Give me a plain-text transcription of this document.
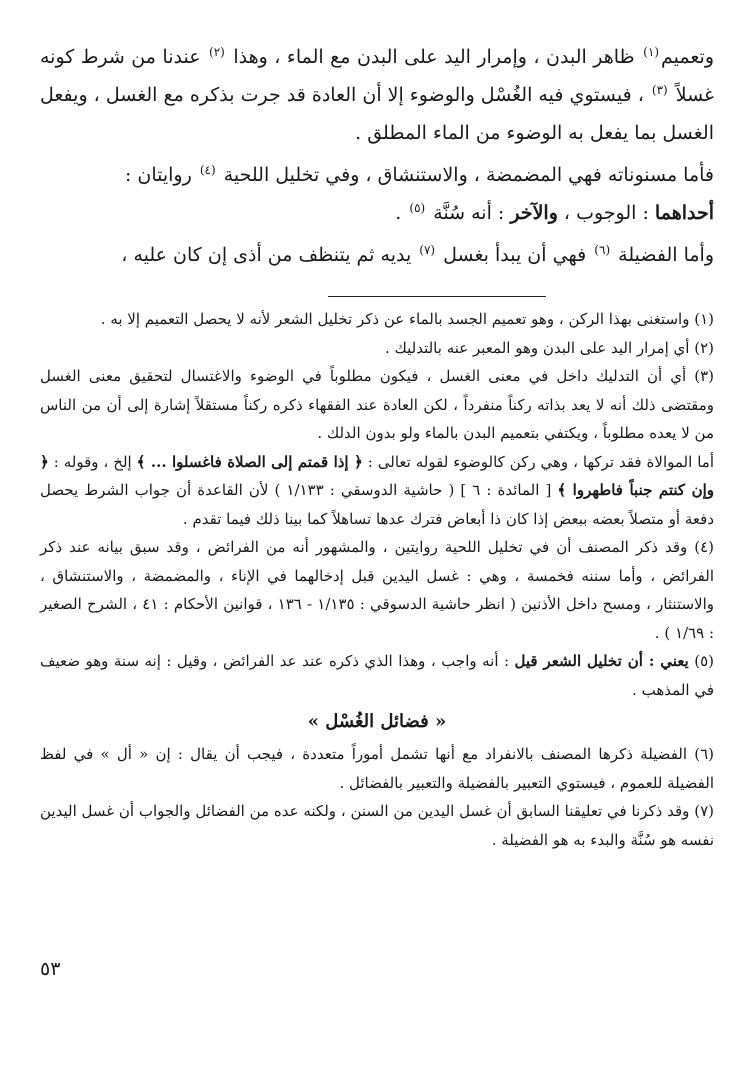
وتعميم$^{(١)}$ ظاهر البدن ، وإمرار اليد على البدن مع الماء ، وهذا $^{(٢)}$ عندنا من شرط كونه غسلاً $^{(٣)}$ ، فيستوي فيه الغُسْل والوضوء إلا أن العادة قد جرت بذكره مع الغسل ، ويفعل الغسل بما يفعل به الوضوء من الماء المطلق .

فأما مسنوناته فهي المضمضة ، والاستنشاق ، وفي تخليل اللحية $^{(٤)}$ روايتان :
أحداهما : الوجوب ، والآخر : أنه سُنَّة $^{(٥)}$ .

وأما الفضيلة $^{(٦)}$ فهي أن يبدأ بغسل $^{(٧)}$ يديه ثم يتنظف من أذى إن كان عليه ،

(١) واستغنى بهذا الركن ، وهو تعميم الجسد بالماء عن ذكر تخليل الشعر لأنه لا يحصل التعميم إلا به .

(٢) أي إمرار اليد على البدن وهو المعبر عنه بالتدليك .

(٣) أي أن التدليك داخل في معنى الغسل ، فيكون مطلوباً في الوضوء والاغتسال لتحقيق معنى الغسل ومقتضى ذلك أنه لا يعد بذاته ركناً منفرداً ، لكن العادة عند الفقهاء ذكره ركناً مستقلاً إشارة إلى أن من الناس من لا يعده مطلوباً ، ويكتفي بتعميم البدن بالماء ولو بدون الدلك .

أما الموالاة فقد تركها ، وهي ركن كالوضوء لقوله تعالى : ﴿ إذا قمتم إلى الصلاة فاغسلوا ... ﴾ إلخ ، وقوله : ﴿ وإن كنتم جنباً فاطهروا ﴾ [ المائدة : ٦ ] ( حاشية الدوسقي : ١/١٣٣ ) لأن القاعدة أن جواب الشرط يحصل دفعة أو متصلاً بعضه ببعض إذا كان ذا أبعاض فترك عدها تساهلاً كما بينا ذلك فيما تقدم .

(٤) وقد ذكر المصنف أن في تخليل اللحية روايتين ، والمشهور أنه من الفرائض ، وقد سبق بيانه عند ذكر الفرائض ، وأما سننه فخمسة ، وهي : غسل اليدين قبل إدخالهما في الإناء ، والمضمضة ، والاستنشاق ، والاستنثار ، ومسح داخل الأذنين ( انظر حاشية الدسوقي : ١/١٣٥ - ١٣٦ ، قوانين الأحكام : ٤١ ، الشرح الصغير : ١/٦٩ ) .

(٥) يعني : أن تخليل الشعر قيل : أنه واجب ، وهذا الذي ذكره عند عد الفرائض ، وقيل : إنه سنة وهو ضعيف في المذهب .

« فضائل الغُسْل »

(٦) الفضيلة ذكرها المصنف بالانفراد مع أنها تشمل أموراً متعددة ، فيجب أن يقال : إن « أل » في لفظ الفضيلة للعموم ، فيستوي التعبير بالفضيلة والتعبير بالفضائل .

(٧) وقد ذكرنا في تعليقنا السابق أن غسل اليدين من السنن ، ولكنه عده من الفضائل والجواب أن غسل اليدين نفسه هو سُنَّة والبدء به هو الفضيلة .

٥٣
